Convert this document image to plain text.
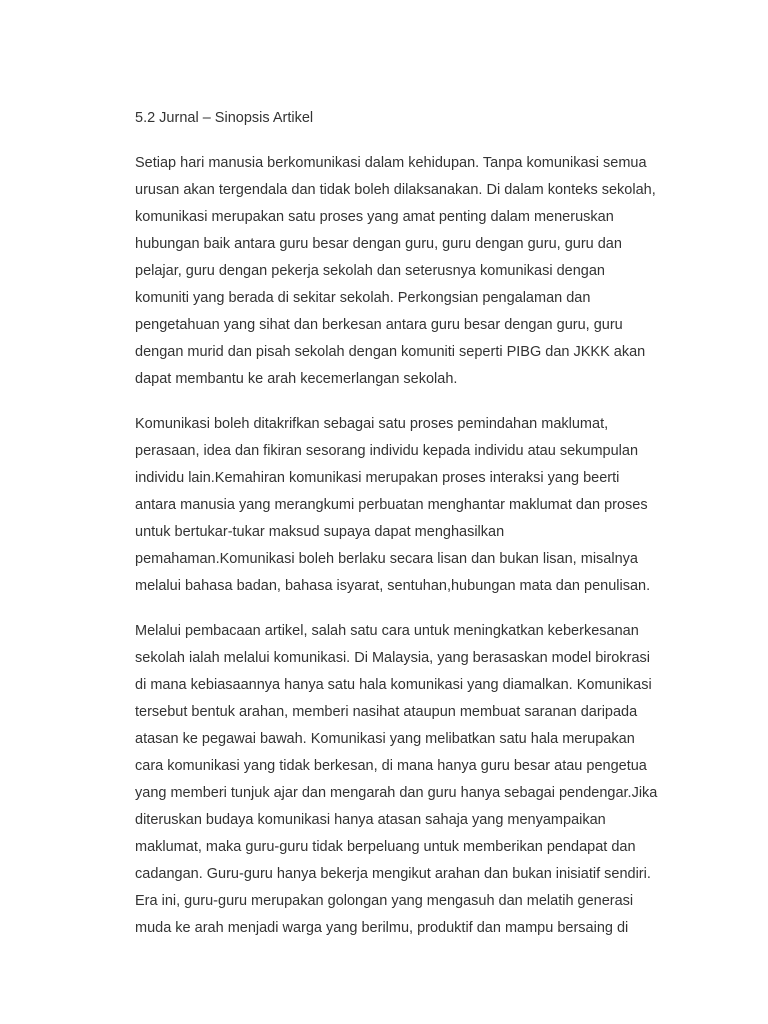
5.2 Jurnal – Sinopsis Artikel
Setiap hari manusia berkomunikasi dalam kehidupan. Tanpa komunikasi semua
urusan akan tergendala dan tidak boleh dilaksanakan. Di dalam konteks sekolah,
komunikasi merupakan satu proses yang amat penting dalam meneruskan
hubungan baik antara guru besar dengan guru, guru dengan guru, guru dan
pelajar, guru dengan pekerja sekolah dan seterusnya komunikasi dengan
komuniti yang berada di sekitar sekolah. Perkongsian pengalaman dan
pengetahuan yang sihat dan berkesan antara guru besar dengan guru, guru
dengan murid dan pisah sekolah dengan komuniti seperti PIBG dan JKKK akan
dapat membantu ke arah kecemerlangan sekolah.
Komunikasi boleh ditakrifkan sebagai satu proses pemindahan maklumat,
perasaan, idea dan fikiran sesorang individu kepada individu atau sekumpulan
individu lain.Kemahiran komunikasi merupakan proses interaksi yang beerti
antara manusia yang merangkumi perbuatan menghantar maklumat dan proses
untuk bertukar-tukar maksud supaya dapat menghasilkan
pemahaman.Komunikasi boleh berlaku secara lisan dan bukan lisan, misalnya
melalui bahasa badan, bahasa isyarat, sentuhan,hubungan mata dan penulisan.
Melalui pembacaan artikel, salah satu cara untuk meningkatkan keberkesanan
sekolah ialah melalui komunikasi. Di Malaysia, yang berasaskan model birokrasi
di mana kebiasaannya hanya satu hala komunikasi yang diamalkan. Komunikasi
tersebut bentuk arahan, memberi nasihat ataupun membuat saranan daripada
atasan ke pegawai bawah. Komunikasi yang melibatkan satu hala merupakan
cara komunikasi yang tidak berkesan, di mana hanya guru besar atau pengetua
yang memberi tunjuk ajar dan mengarah dan guru hanya sebagai pendengar.Jika
diteruskan budaya komunikasi hanya atasan sahaja yang menyampaikan
maklumat, maka guru-guru tidak berpeluang untuk memberikan pendapat dan
cadangan. Guru-guru hanya bekerja mengikut arahan dan bukan inisiatif sendiri.
Era ini, guru-guru merupakan golongan yang mengasuh dan melatih generasi
muda ke arah menjadi warga yang berilmu, produktif dan mampu bersaing di
